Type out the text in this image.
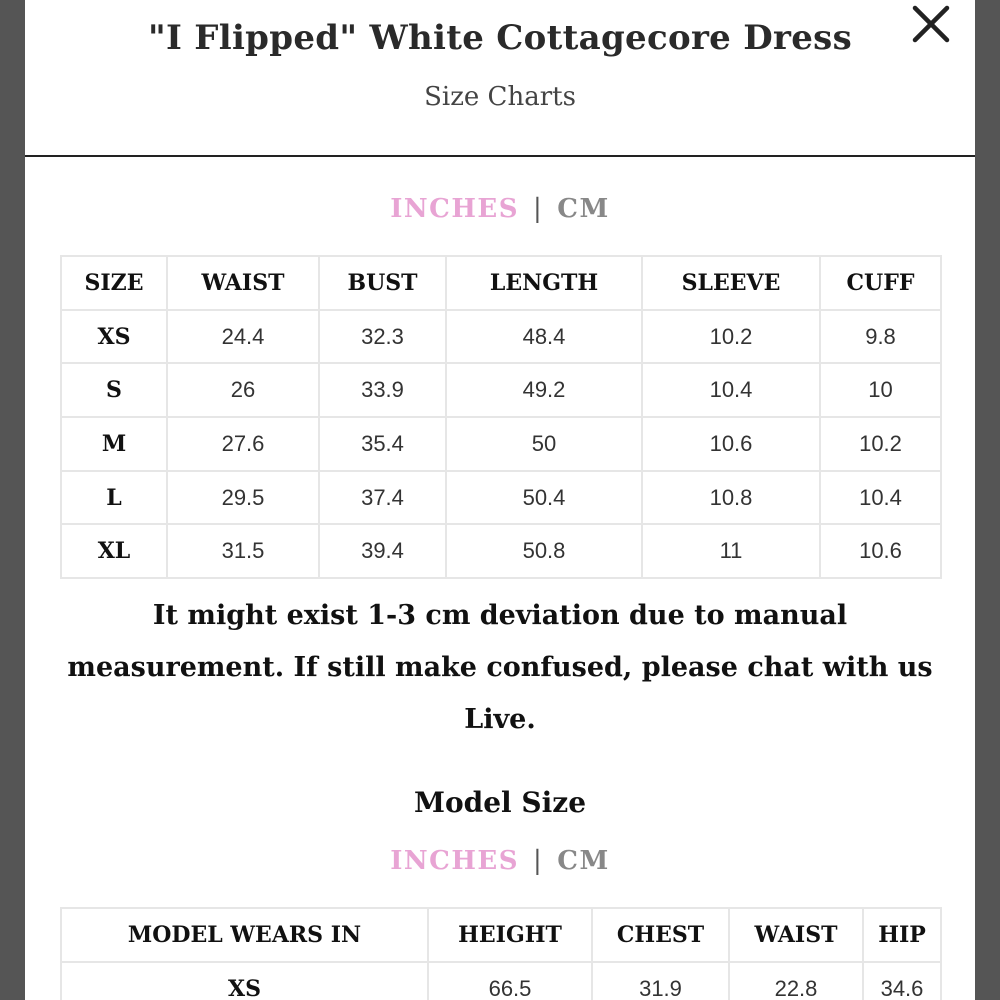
"I Flipped" White Cottagecore Dress
Size Charts
INCHES | CM
SIZE	WAIST	BUST	LENGTH	SLEEVE	CUFF
XS	24.4	32.3	48.4	10.2	9.8
S	26	33.9	49.2	10.4	10
M	27.6	35.4	50	10.6	10.2
L	29.5	37.4	50.4	10.8	10.4
XL	31.5	39.4	50.8	11	10.6
It might exist 1-3 cm deviation due to manual measurement. If still make confused, please chat with us Live.
Model Size
INCHES | CM
MODEL WEARS IN	HEIGHT	CHEST	WAIST	HIP
XS	66.5	31.9	22.8	34.6
